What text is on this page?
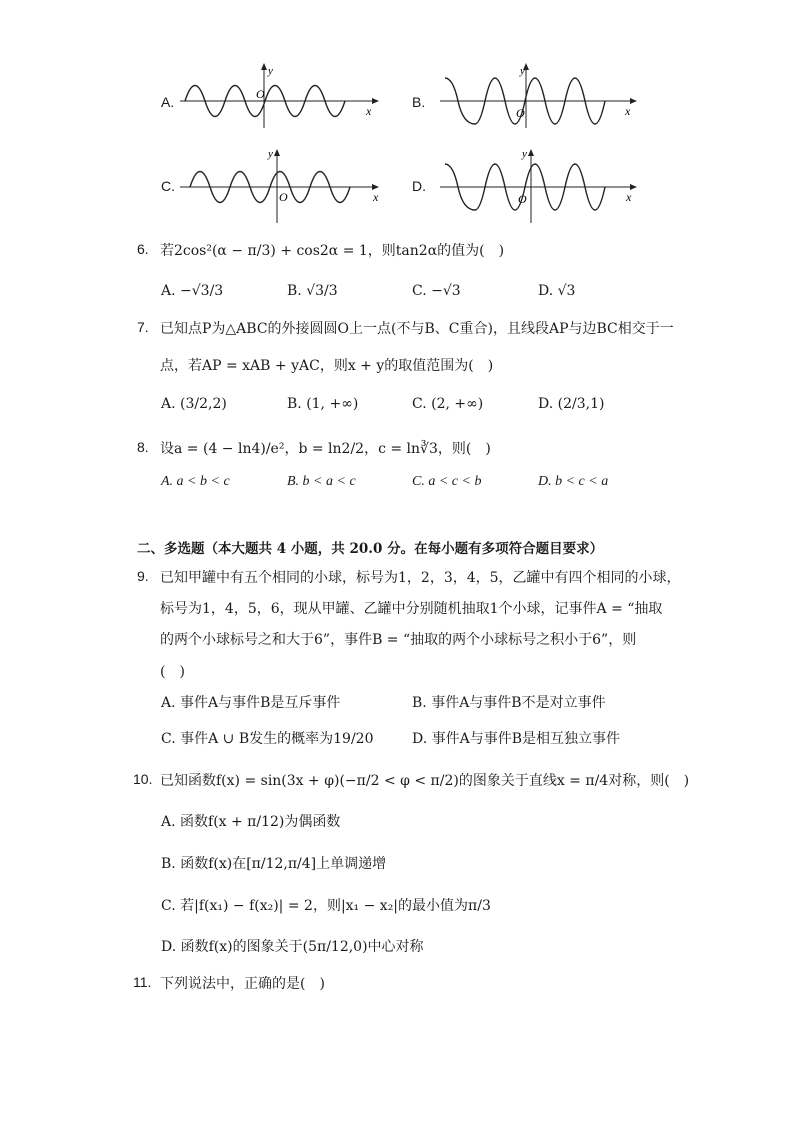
A.
y
O
x
B.
y
O	x
C.
y
O	x
D.
y
O	x
6. 若2cos²(α − π/3) + cos2α = 1，则tan2α的值为(　)
A. −√3/3	B. √3/3	C. −√3	D. √3
7. 已知点P为△ABC的外接圆圆O上一点(不与B、C重合)，且线段AP与边BC相交于一
点，若AP = xAB + yAC，则x + y的取值范围为(　)
A. (3/2,2)	B. (1, +∞)	C. (2, +∞)	D. (2/3,1)
8. 设a = (4 − ln4)/e²，b = ln2/2，c = ln∛3，则(　)
A. a < b < c	B. b < a < c	C. a < c < b	D. b < c < a
二、多选题（本大题共 4 小题，共 20.0 分。在每小题有多项符合题目要求）
9. 已知甲罐中有五个相同的小球，标号为1，2，3，4，5，乙罐中有四个相同的小球，
标号为1，4，5，6，现从甲罐、乙罐中分别随机抽取1个小球，记事件A = “抽取
的两个小球标号之和大于6”，事件B = “抽取的两个小球标号之积小于6”，则
(　)
A. 事件A与事件B是互斥事件	B. 事件A与事件B不是对立事件
C. 事件A ∪ B发生的概率为19/20	D. 事件A与事件B是相互独立事件
10. 已知函数f(x) = sin(3x + φ)(−π/2 < φ < π/2)的图象关于直线x = π/4对称，则(　)
A. 函数f(x + π/12)为偶函数
B. 函数f(x)在[π/12,π/4]上单调递增
C. 若|f(x₁) − f(x₂)| = 2，则|x₁ − x₂|的最小值为π/3
D. 函数f(x)的图象关于(5π/12,0)中心对称
11. 下列说法中，正确的是(　)
